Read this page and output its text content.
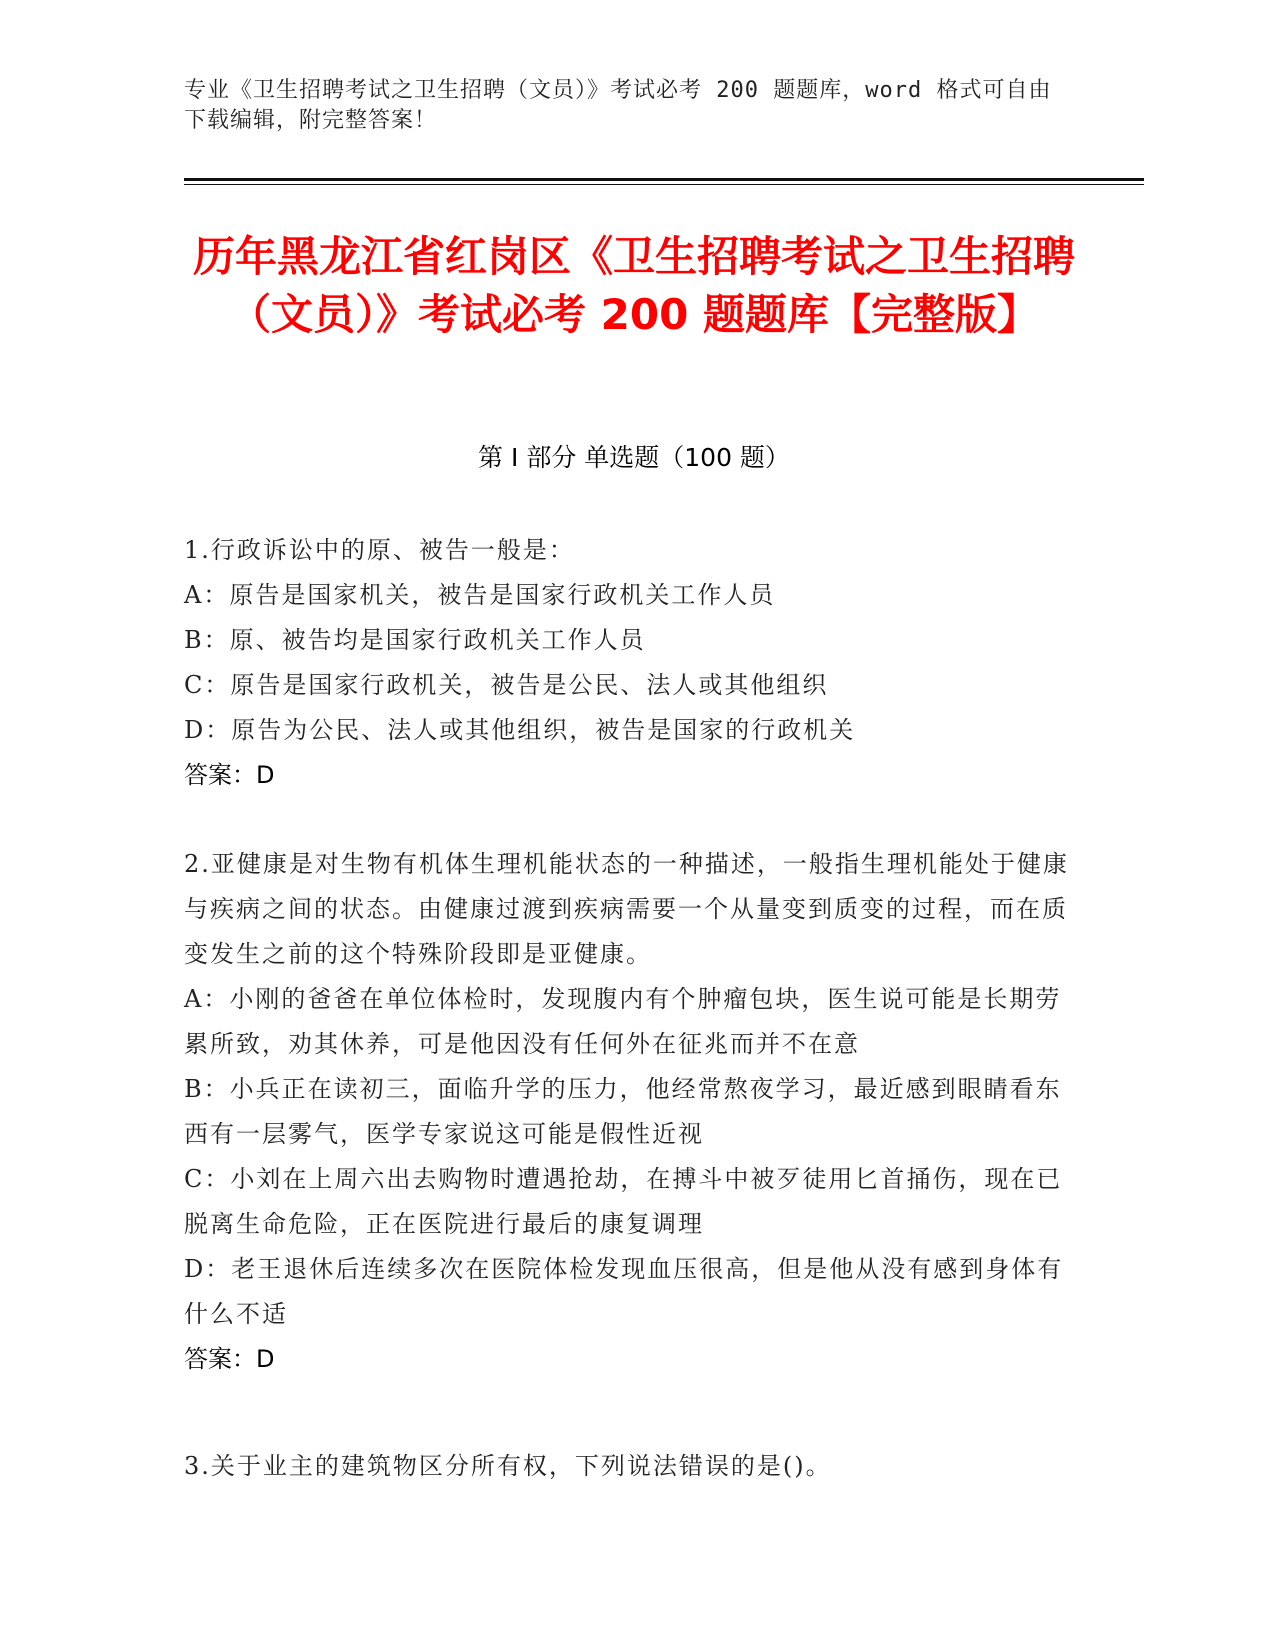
专业《卫生招聘考试之卫生招聘（文员）》考试必考 200 题题库，word 格式可自由下载编辑，附完整答案！
历年黑龙江省红岗区《卫生招聘考试之卫生招聘（文员）》考试必考 200 题题库【完整版】
第 I 部分 单选题（100 题）

1.行政诉讼中的原、被告一般是：

A：原告是国家机关，被告是国家行政机关工作人员

B：原、被告均是国家行政机关工作人员

C：原告是国家行政机关，被告是公民、法人或其他组织

D：原告为公民、法人或其他组织，被告是国家的行政机关

答案：D

2.亚健康是对生物有机体生理机能状态的一种描述，一般指生理机能处于健康与疾病之间的状态。由健康过渡到疾病需要一个从量变到质变的过程，而在质变发生之前的这个特殊阶段即是亚健康。

A：小刚的爸爸在单位体检时，发现腹内有个肿瘤包块，医生说可能是长期劳累所致，劝其休养，可是他因没有任何外在征兆而并不在意

B：小兵正在读初三，面临升学的压力，他经常熬夜学习，最近感到眼睛看东西有一层雾气，医学专家说这可能是假性近视

C：小刘在上周六出去购物时遭遇抢劫，在搏斗中被歹徒用匕首捅伤，现在已脱离生命危险，正在医院进行最后的康复调理

D：老王退休后连续多次在医院体检发现血压很高，但是他从没有感到身体有什么不适

答案：D

3.关于业主的建筑物区分所有权，下列说法错误的是()。
